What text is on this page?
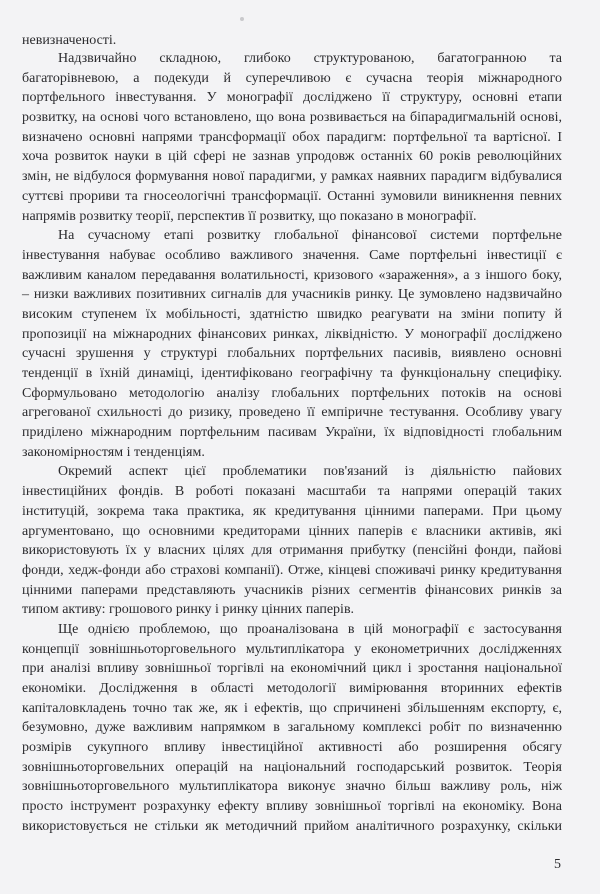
невизначеності.
Надзвичайно складною, глибоко структурованою, багатогранною та
багаторівневою, а подекуди й суперечливою є сучасна теорія міжнародного
портфельного інвестування. У монографії досліджено її структуру, основні етапи
розвитку, на основі чого встановлено, що вона розвивається на біпарадигмальній основі,
визначено основні напрями трансформації обох парадигм: портфельної та вартісної. І
хоча розвиток науки в цій сфері не зазнав упродовж останніх 60 років революційних
змін, не відбулося формування нової парадигми, у рамках наявних парадигм відбувалися
суттєві прориви та гносеологічні трансформації. Останні зумовили виникнення певних
напрямів розвитку теорії, перспектив її розвитку, що показано в монографії.
На сучасному етапі розвитку глобальної фінансової системи портфельне
інвестування набуває особливо важливого значення. Саме портфельні інвестиції є
важливим каналом передавання волатильності, кризового «зараження», а з іншого боку,
– низки важливих позитивних сигналів для учасників ринку. Це зумовлено надзвичайно
високим ступенем їх мобільності, здатністю швидко реагувати на зміни попиту й
пропозиції на міжнародних фінансових ринках, ліквідністю. У монографії досліджено
сучасні зрушення у структурі глобальних портфельних пасивів, виявлено основні
тенденції в їхній динаміці, ідентифіковано географічну та функціональну специфіку.
Сформульовано методологію аналізу глобальних портфельних потоків на основі
агрегованої схильності до ризику, проведено її емпіричне тестування. Особливу увагу
приділено міжнародним портфельним пасивам України, їх відповідності глобальним
закономірностям і тенденціям.
Окремий аспект цієї проблематики пов'язаний із діяльністю пайових
інвестиційних фондів. В роботі показані масштаби та напрями операцій таких
інституцій, зокрема така практика, як кредитування цінними паперами. При цьому
аргументовано, що основними кредиторами цінних паперів є власники активів, які
використовують їх у власних цілях для отримання прибутку (пенсійні фонди, пайові
фонди, хедж-фонди або страхові компанії). Отже, кінцеві споживачі ринку кредитування
цінними паперами представляють учасників різних сегментів фінансових ринків за
типом активу: грошового ринку і ринку цінних паперів.
Ще однією проблемою, що проаналізована в цій монографії є застосування
концепції зовнішньоторговельного мультиплікатора у економетричних дослідженнях
при аналізі впливу зовнішньої торгівлі на економічний цикл і зростання національної
економіки. Дослідження в області методології вимірювання вторинних ефектів
капіталовкладень точно так же, як і ефектів, що спричинені збільшенням експорту, є,
безумовно, дуже важливим напрямком в загальному комплексі робіт по визначенню
розмірів сукупного впливу інвестиційної активності або розширення обсягу
зовнішньоторговельних операцій на національний господарський розвиток. Теорія
зовнішньоторговельного мультиплікатора виконує значно більш важливу роль, ніж
просто інструмент розрахунку ефекту впливу зовнішньої торгівлі на економіку. Вона
використовується не стільки як методичний прийом аналітичного розрахунку, скільки
5
